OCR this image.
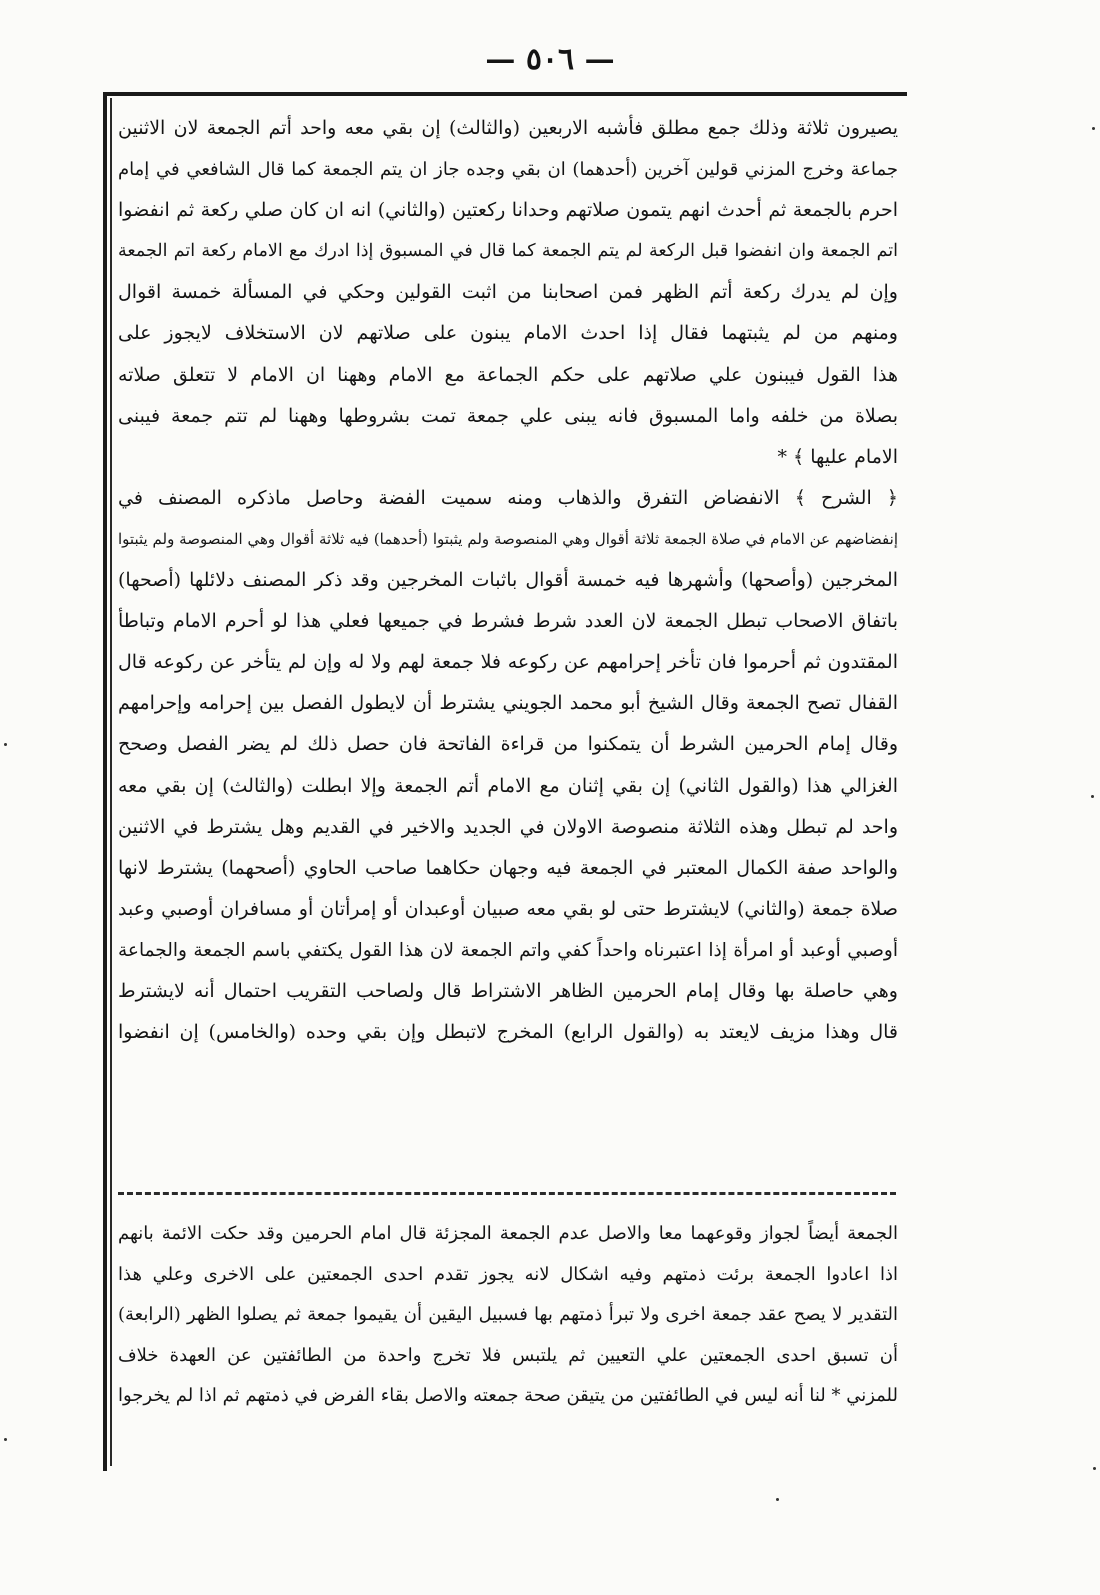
— ٥٠٦ —
يصيرون ثلاثة وذلك جمع مطلق فأشبه الاربعين (والثالث) إن بقي معه واحد أتم الجمعة لان الاثنين
جماعة وخرج المزني قولين آخرين (أحدهما) ان بقي وجده جاز ان يتم الجمعة كما قال الشافعي في إمام
احرم بالجمعة ثم أحدث انهم يتمون صلاتهم وحدانا ركعتين (والثاني) انه ان كان صلي ركعة ثم انفضوا
اتم الجمعة وان انفضوا قبل الركعة لم يتم الجمعة كما قال في المسبوق إذا ادرك مع الامام ركعة اتم الجمعة
وإن لم يدرك ركعة أتم الظهر فمن اصحابنا من اثبت القولين وحكي في المسألة خمسة اقوال
ومنهم من لم يثبتهما فقال إذا احدث الامام يبنون على صلاتهم لان الاستخلاف لايجوز على
هذا القول فيبنون علي صلاتهم على حكم الجماعة مع الامام وههنا ان الامام لا تتعلق صلاته
بصلاة من خلفه واما المسبوق فانه يبنى علي جمعة تمت بشروطها وههنا لم تتم جمعة فيبنى
الامام عليها ﴾ *
﴿ الشرح ﴾ الانفضاض التفرق والذهاب ومنه سميت الفضة وحاصل ماذكره المصنف في
إنفضاضهم عن الامام في صلاة الجمعة ثلاثة أقوال وهي المنصوصة ولم يثبتوا (أحدهما) فيه ثلاثة أقوال وهي المنصوصة ولم يثبتوا
المخرجين (وأصحها) وأشهرها فيه خمسة أقوال باثبات المخرجين وقد ذكر المصنف دلائلها (أصحها)
باتفاق الاصحاب تبطل الجمعة لان العدد شرط فشرط في جميعها فعلي هذا لو أحرم الامام وتباطأ
المقتدون ثم أحرموا فان تأخر إحرامهم عن ركوعه فلا جمعة لهم ولا له وإن لم يتأخر عن ركوعه قال
القفال تصح الجمعة وقال الشيخ أبو محمد الجويني يشترط أن لايطول الفصل بين إحرامه وإحرامهم
وقال إمام الحرمين الشرط أن يتمكنوا من قراءة الفاتحة فان حصل ذلك لم يضر الفصل وصحح
الغزالي هذا (والقول الثاني) إن بقي إثنان مع الامام أتم الجمعة وإلا ابطلت (والثالث) إن بقي معه
واحد لم تبطل وهذه الثلاثة منصوصة الاولان في الجديد والاخير في القديم وهل يشترط في الاثنين
والواحد صفة الكمال المعتبر في الجمعة فيه وجهان حكاهما صاحب الحاوي (أصحهما) يشترط لانها
صلاة جمعة (والثاني) لايشترط حتى لو بقي معه صبيان أوعبدان أو إمرأتان أو مسافران أوصبي وعبد
أوصبي أوعبد أو امرأة إذا اعتبرناه واحداً كفي واتم الجمعة لان هذا القول يكتفي باسم الجمعة والجماعة
وهي حاصلة بها وقال إمام الحرمين الظاهر الاشتراط قال ولصاحب التقريب احتمال أنه لايشترط
قال وهذا مزيف لايعتد به (والقول الرابع) المخرج لاتبطل وإن بقي وحده (والخامس) إن انفضوا
الجمعة أيضاً لجواز وقوعهما معا والاصل عدم الجمعة المجزئة قال امام الحرمين وقد حكت الائمة بانهم
اذا اعادوا الجمعة برئت ذمتهم وفيه اشكال لانه يجوز تقدم احدى الجمعتين على الاخرى وعلي هذا
التقدير لا يصح عقد جمعة اخرى ولا تبرأ ذمتهم بها فسبيل اليقين أن يقيموا جمعة ثم يصلوا الظهر (الرابعة)
أن تسبق احدى الجمعتين علي التعيين ثم يلتبس فلا تخرج واحدة من الطائفتين عن العهدة خلاف
للمزني * لنا أنه ليس في الطائفتين من يتيقن صحة جمعته والاصل بقاء الفرض في ذمتهم ثم اذا لم يخرجوا
